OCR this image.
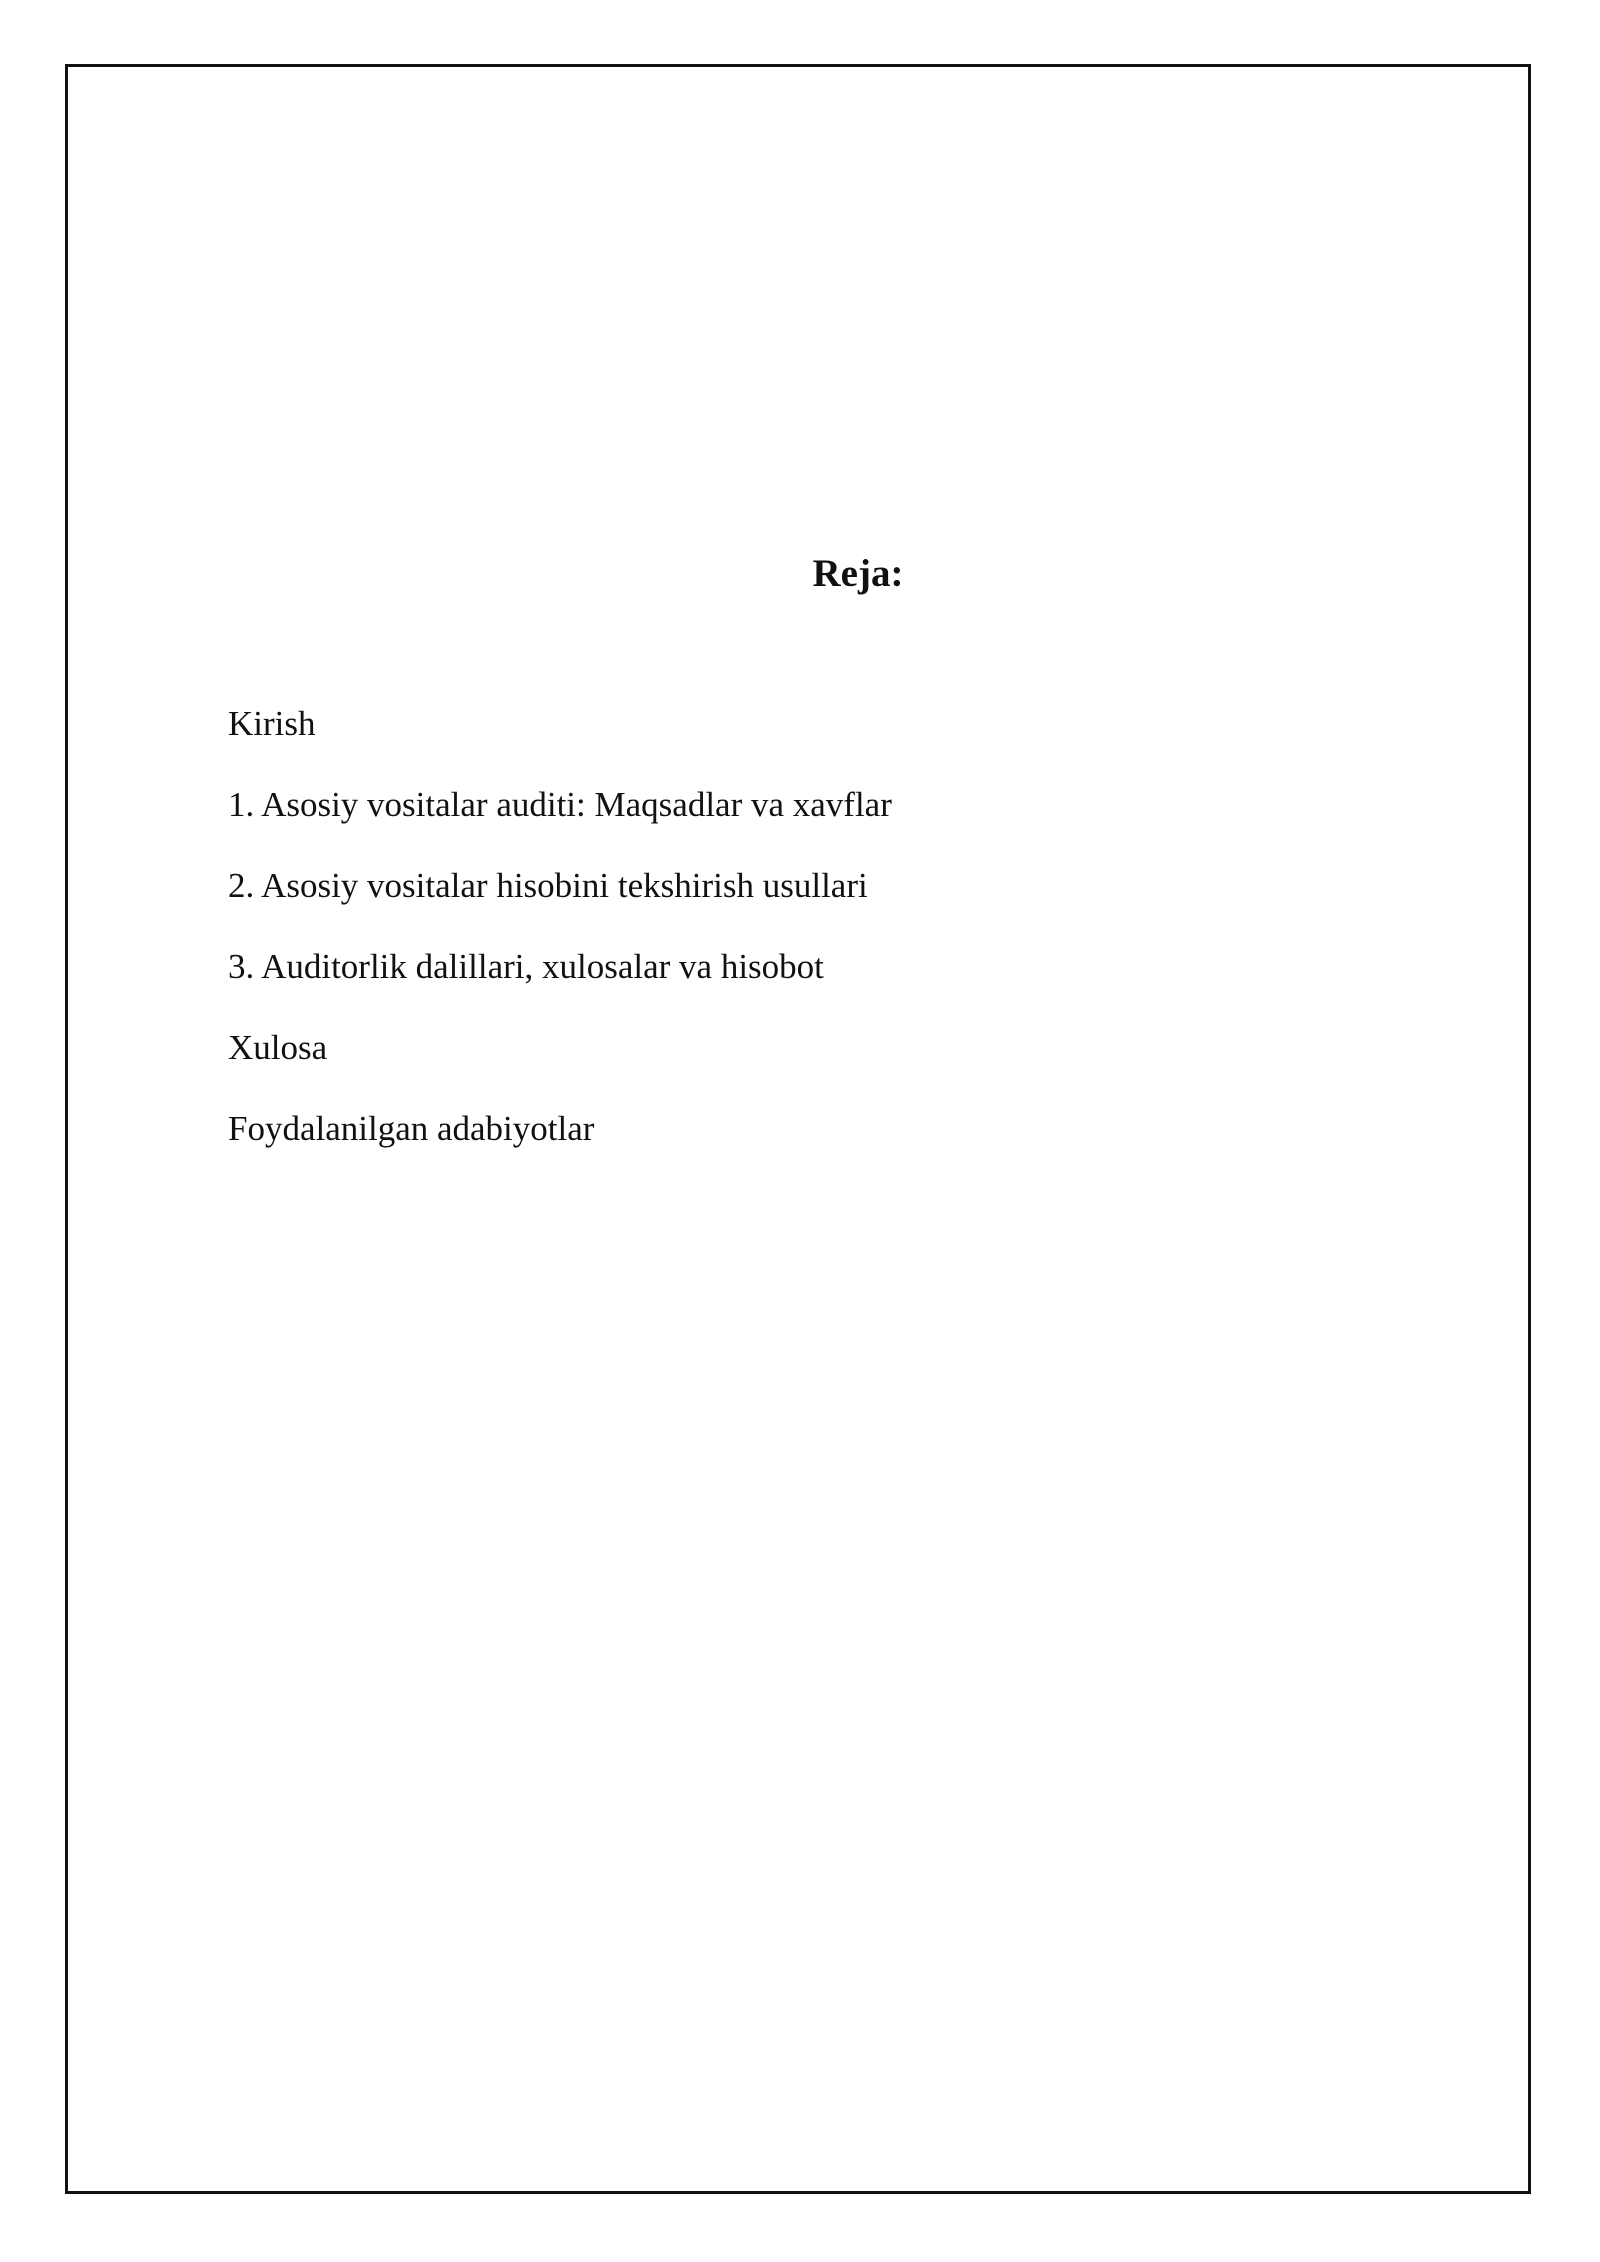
Reja:
Kirish
1. Asosiy vositalar auditi: Maqsadlar va xavflar
2. Asosiy vositalar hisobini tekshirish usullari
3. Auditorlik dalillari, xulosalar va hisobot
Xulosa
Foydalanilgan adabiyotlar
